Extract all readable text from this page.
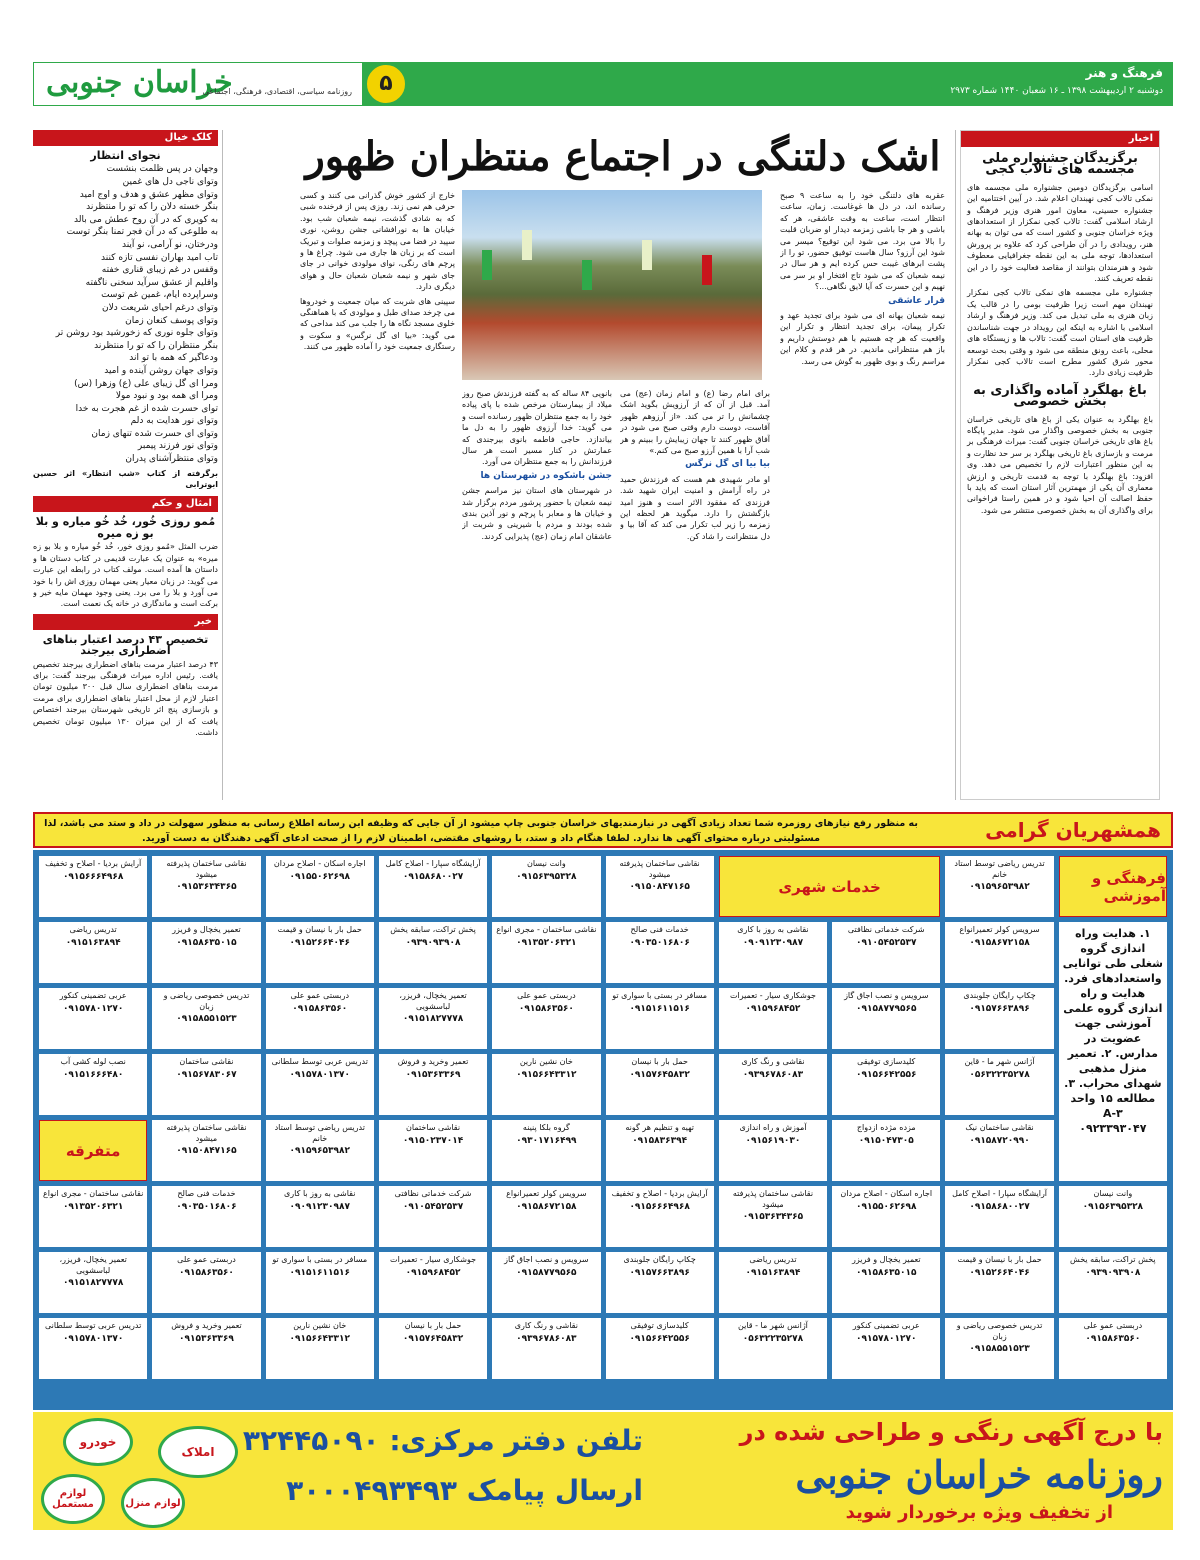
فرهنگ و هنر
دوشنبه ۲ اردیبهشت ۱۳۹۸ ـ ۱۶ شعبان ۱۴۴۰ شماره ۲۹۷۳
خراسان جنوبی
روزنامه سیاسی، اقتصادی، فرهنگی، اجتماعی	۵
اخبار
برگزیدگان جشنواره ملی مجسمه های تالاب کجی

اسامی برگزیدگان دومین جشنواره ملی مجسمه های نمکی تالاب کجی نهبندان اعلام شد. در آیین اختتامیه این جشنواره حسینی، معاون امور هنری وزیر فرهنگ و ارشاد اسلامی گفت: تالاب کجی نمکزار از استعدادهای ویژه خراسان جنوبی و کشور است که می توان به بهانه هنر، رویدادی را در آن طراحی کرد که علاوه بر پرورش استعدادها، توجه ملی به این نقطه جغرافیایی معطوف شود و هنرمندان بتوانند از مقاصد فعالیت خود را در این نقطه تعریف کنند.

جشنواره ملی مجسمه های نمکی تالاب کجی نمکزار نهبندان مهم است زیرا ظرفیت بومی را در قالب یک زبان هنری به ملی تبدیل می کند. وزیر فرهنگ و ارشاد اسلامی با اشاره به اینکه این رویداد در جهت شناساندن ظرفیت های استان است گفت: تالاب ها و زیستگاه های محلی، باعث رونق منطقه می شود و وقتی بحث توسعه محور شرق کشور مطرح است تالاب کجی نمکزار ظرفیت زیادی دارد.

باغ بهلگرد آماده واگذاری به بخش خصوصی

باغ بهلگرد به عنوان یکی از باغ های تاریخی خراسان جنوبی به بخش خصوصی واگذار می شود. مدیر پایگاه باغ های تاریخی خراسان جنوبی گفت: میراث فرهنگی بر مرمت و بازسازی باغ تاریخی بهلگرد بر سر حد نظارت و به این منظور اعتبارات لازم را تخصیص می دهد. وی افزود: باغ بهلگرد با توجه به قدمت تاریخی و ارزش معماری آن یکی از مهمترین آثار استان است که باید با حفظ اصالت آن احیا شود و در همین راستا فراخوانی برای واگذاری آن به بخش خصوصی منتشر می شود.

کلک خیال
نجوای انتظار
وجهان در پس ظلمت بنشست
وتوای ناجی دل های غمین
وتوای مظهر عشق و هدف و اوج امید
بنگر خسته دلان را که تو را منتظرند
به کویری که در آن روح عطش می بالد
به طلوعی که در آن فجر تمنا بنگر توست
ودرختان، نو آرامی، نو آیند
تاب امید بهاران نفسی تازه کنند
وقفس در غم زیبای قناری خفته
واقلیم از عشق سرآید سخنی ناگفته
وسراپرده ایام، غمین غم توست
وتوای درغم احیای شریعت دلان
وتوای پوسف کنعان زمان
وتوای جلوه نوری که زخورشید بود روشن تر
بنگر منتظران را که تو را منتظرند
ودعاگیر که همه با تو اند
وتوای جهان روشن آینده و امید
ومرا ای گل زیبای علی (ع) وزهرا (س)
ومرا ای همه بود و نبود مولا
توای حسرت شده از غم هجرت به خدا
وتوای نور هدایت به دلم
وتوای ای حسرت شده تنهای زمان
وتوای نور فرزند پیمبر
وتوای منتظرآشنای پدران
برگرفته از کتاب «شب انتظار» اثر حسین ابوترابی
امثال و حکم
مُمو روزی خُور، خُد خُو میاره و بلا بو زه میره

ضرب المثل «مُمو روزی خور، خُد خُو میاره و بلا بو زه میره» به عنوان یک عبارت قدیمی در کتاب دستان ها و داستان ها آمده است. مولف کتاب در رابطه این عبارت می گوید: در زبان معیار یعنی مهمان روزی اش را با خود می آورد و بلا را می برد. یعنی وجود مهمان مایه خیر و برکت است و ماندگاری در خانه یک نعمت است.

خبر
تخصیص ۴۳ درصد اعتبار بناهای اضطراری بیرجند

۴۳ درصد اعتبار مرمت بناهای اضطراری بیرجند تخصیص یافت. رئیس اداره میراث فرهنگی بیرجند گفت: برای مرمت بناهای اضطراری سال قبل ۳۰۰ میلیون تومان اعتبار لازم از محل اعتبار بناهای اضطراری برای مرمت و بازسازی پنج اثر تاریخی شهرستان بیرجند اختصاص یافت که از این میزان ۱۳۰ میلیون تومان تخصیص داشت.

اشک دلتنگی در اجتماع منتظران ظهور

عقربه های دلتنگی خود را به ساعت ۹ صبح رسانده اند، در دل ها غوغاست. زمان، ساعت انتظار است، ساعت به وقت عاشقی، هر که باشی و هر جا باشی زمزمه دیدار او ضربان قلبت را بالا می برد. می شود این توقیع؟ میسر می شود این آرزو؟ سال هاست توفیق حضور، تو را از پشت ابرهای غیبت حس کرده ایم و هر سال در نیمه شعبان که می شود تاج افتخار او بر سر می نهیم و این حسرت که آیا لایق نگاهی...؟

قرار عاشقی

نیمه شعبان بهانه ای می شود برای تجدید عهد و تکرار پیمان، برای تجدید انتظار و تکرار این واقعیت که هر چه هستیم با هم دوستش داریم و باز هم منتظرانی ماندیم. در هر قدم و کلام این مراسم رنگ و بوی ظهور به گوش می رسد.

برای امام رضا (ع) و امام زمان (عج) می آمد. قبل از آن که از آرزویش بگوید اشک چشمانش را تر می کند. «از آرزوهم ظهور آقاست، دوست دارم وقتی صبح می شود در آفاق ظهور کنند تا جهان زیبایش را ببینم و هر شب آرا با همین آرزو صبح می کنم.»

بیا بیا ای گل نرگس

او مادر شهیدی هم هست که فرزندش حمید در راه آرامش و امنیت ایران شهید شد. فرزندی که مفقود الاثر است و هنوز امید بازگشتش را دارد. میگوید هر لحظه این زمزمه را زیر لب تکرار می کند که آقا بیا و دل منتظرانت را شاد کن.

بانویی ۸۴ ساله که به گفته فرزندش صبح روز میلاد از بیمارستان مرخص شده با پای پیاده خود را به جمع منتظران ظهور رسانده است و می گوید: خدا آرزوی ظهور را به دل ما بیاندازد. حاجی فاطمه بانوی بیرجندی که عمارتش در کنار مسیر است هر سال فرزندانش را به جمع منتظران می آورد.

جشن باشکوه در شهرستان ها

در شهرستان های استان نیز مراسم جشن نیمه شعبان با حضور پرشور مردم برگزار شد و خیابان ها و معابر با پرچم و نور آذین بندی شده بودند و مردم با شیرینی و شربت از عاشقان امام زمان (عج) پذیرایی کردند.

خارج از کشور خوش گذرانی می کنند و کسی حرفی هم نمی زند. روزی پس از فرخنده شبی که به شادی گذشت، نیمه شعبان شب بود. خیابان ها به نورافشانی جشن روشن، نوری سپید در فضا می پیچد و زمزمه صلوات و تبریک است که بر زبان ها جاری می شود. چراغ ها و پرچم های رنگی، نوای مولودی خوانی در جای جای شهر و نیمه شعبان شعبان حال و هوای دیگری دارد.

سپینی های شربت که میان جمعیت و خودروها می چرخد صدای طبل و مولودی که با هماهنگی خلوی مسجد نگاه ها را جلب می کند مداحی که می گوید: «بیا ای گل نرگس» و سکوت و رستگاری جمعیت خود را آماده ظهور می کنند.

همشهریان گرامی
به منظور رفع نیازهای روزمره شما تعداد زیادی آگهی در نیازمندیهای خراسان جنوبی چاپ میشود از آن جایی که وظیفه این رسانه اطلاع رسانی به منظور سهولت در داد و ستد می باشد، لذا مسئولیتی درباره محتوای آگهی ها ندارد. لطفا هنگام داد و ستد، با روشهای مقتضی، اطمینان لازم را از صحت ادعای آگهی دهندگان به دست آورید.
فرهنگی و آموزشی
۱. هدایت وراه اندازی گروه شغلی طی توانایی واستعدادهای فرد. هدایت و راه اندازی گروه علمی آموزشی جهت عضویت در مدارس. ۲. تعمیر منزل مذهبی شهدای محراب. ۳. مطالعه ۱۵ واحد A-۳
۰۹۲۳۳۹۳۰۴۷
خدمات شهری
متفرقه
تدریس ریاضی توسط استاد خانم
۰۹۱۵۹۶۵۳۹۸۲
نقاشی ساختمان پذیرفته میشود
۰۹۱۵۰۸۴۷۱۶۵
وانت نیسان
۰۹۱۵۶۳۹۵۳۲۸
آرایشگاه سپارا - اصلاح کامل
۰۹۱۵۸۶۸۰۰۲۷
اجاره اسکان - اصلاح مردان
۰۹۱۵۵۰۶۲۶۹۸
نقاشی ساختمان پذیرفته میشود
۰۹۱۵۳۶۳۴۳۶۵
آرایش بردیا - اصلاح و تخفیف
۰۹۱۵۶۶۶۴۹۶۸
سرویس کولر تعمیرانواع
۰۹۱۵۸۶۷۲۱۵۸
شرکت خدماتی نظافتی
۰۹۱۰۵۴۵۲۵۳۷
نقاشی به روز با کاری
۰۹۰۹۱۲۳۰۹۸۷
خدمات فنی صالح
۰۹۰۳۵۰۱۶۸۰۶
نقاشی ساختمان - مجری انواع
۰۹۱۳۵۲۰۶۳۲۱
پخش تراکت، سابقه یخش
۰۹۳۹۰۹۳۹۰۸
حمل بار با نیسان و قیمت
۰۹۱۵۲۶۶۴۰۴۶
تعمیر یخچال و فریزر
۰۹۱۵۸۶۳۵۰۱۵
تدریس ریاضی
۰۹۱۵۱۶۳۸۹۴
چکاپ رایگان جلوبندی
۰۹۱۵۷۶۶۳۸۹۶
سرویس و نصب اجاق گاز
۰۹۱۵۸۷۷۹۵۶۵
جوشکاری سیار - تعمیرات
۰۹۱۵۹۶۸۴۵۲
مسافر در بستی با سواری تو
۰۹۱۵۱۶۱۱۵۱۶
دربستی عمو علی
۰۹۱۵۸۶۳۵۶۰
تعمیر یخچال، فریزر، لباسشویی
۰۹۱۵۱۸۲۷۷۷۸
دربستی عمو علی
۰۹۱۵۸۶۳۵۶۰
تدریس خصوصی ریاضی و زبان
۰۹۱۵۸۵۵۱۵۲۳
عربی تضمینی کنکور
۰۹۱۵۷۸۰۱۲۷۰
آژانس شهر ما - قاین
۰۵۶۳۲۲۳۵۲۷۸
کلیدسازی توفیقی
۰۹۱۵۶۶۴۲۵۵۶
نقاشی و رنگ کاری
۰۹۳۹۶۷۸۶۰۸۳
حمل بار با نیسان
۰۹۱۵۷۶۴۵۸۳۲
خان نشین نارین
۰۹۱۵۶۶۴۳۳۱۲
تعمیر وخرید و فروش
۰۹۱۵۳۶۳۳۶۹
تدریس عربی توسط سلطانی
۰۹۱۵۷۸۰۱۳۷۰
نقاشی ساختمان
۰۹۱۵۶۷۸۳۰۶۷
نصب لوله کشی آب
۰۹۱۵۱۶۶۶۴۸۰
نقاشی ساختمان نیک
۰۹۱۵۸۷۲۰۹۹۰
مزده مژده ازدواج
۰۹۱۵۰۴۷۳۰۵
آموزش و راه اندازی
۰۹۱۵۶۱۹۰۳۰
تهیه و تنظیم هر گونه
۰۹۱۵۸۳۶۳۹۴
گروه بلکا پنینه
۰۹۳۰۱۷۱۶۴۹۹
نقاشی ساختمان
۰۹۱۵۰۲۳۷۰۱۴
تدریس ریاضی توسط استاد خانم
۰۹۱۵۹۶۵۳۹۸۲
نقاشی ساختمان پذیرفته میشود
۰۹۱۵۰۸۴۷۱۶۵
وانت نیسان
۰۹۱۵۶۳۹۵۳۲۸
آرایشگاه سپارا - اصلاح کامل
۰۹۱۵۸۶۸۰۰۲۷
اجاره اسکان - اصلاح مردان
۰۹۱۵۵۰۶۲۶۹۸
نقاشی ساختمان پذیرفته میشود
۰۹۱۵۳۶۳۴۳۶۵
آرایش بردیا - اصلاح و تخفیف
۰۹۱۵۶۶۶۴۹۶۸
سرویس کولر تعمیرانواع
۰۹۱۵۸۶۷۲۱۵۸
شرکت خدماتی نظافتی
۰۹۱۰۵۴۵۲۵۳۷
نقاشی به روز با کاری
۰۹۰۹۱۲۳۰۹۸۷
خدمات فنی صالح
۰۹۰۳۵۰۱۶۸۰۶
نقاشی ساختمان - مجری انواع
۰۹۱۳۵۲۰۶۳۲۱
پخش تراکت، سابقه یخش
۰۹۳۹۰۹۳۹۰۸
حمل بار با نیسان و قیمت
۰۹۱۵۲۶۶۴۰۴۶
تعمیر یخچال و فریزر
۰۹۱۵۸۶۳۵۰۱۵
تدریس ریاضی
۰۹۱۵۱۶۳۸۹۴
چکاپ رایگان جلوبندی
۰۹۱۵۷۶۶۳۸۹۶
سرویس و نصب اجاق گاز
۰۹۱۵۸۷۷۹۵۶۵
جوشکاری سیار - تعمیرات
۰۹۱۵۹۶۸۴۵۲
مسافر در بستی با سواری تو
۰۹۱۵۱۶۱۱۵۱۶
دربستی عمو علی
۰۹۱۵۸۶۳۵۶۰
تعمیر یخچال، فریزر، لباسشویی
۰۹۱۵۱۸۲۷۷۷۸
دربستی عمو علی
۰۹۱۵۸۶۳۵۶۰
تدریس خصوصی ریاضی و زبان
۰۹۱۵۸۵۵۱۵۲۳
عربی تضمینی کنکور
۰۹۱۵۷۸۰۱۲۷۰
آژانس شهر ما - قاین
۰۵۶۳۲۲۳۵۲۷۸
کلیدسازی توفیقی
۰۹۱۵۶۶۴۲۵۵۶
نقاشی و رنگ کاری
۰۹۳۹۶۷۸۶۰۸۳
حمل بار با نیسان
۰۹۱۵۷۶۴۵۸۳۲
خان نشین نارین
۰۹۱۵۶۶۴۳۳۱۲
تعمیر وخرید و فروش
۰۹۱۵۳۶۳۳۶۹
تدریس عربی توسط سلطانی
۰۹۱۵۷۸۰۱۳۷۰
با درج آگهی رنگی و طراحی شده در
روزنامه خراسان جنوبی
از تخفیف ویژه برخوردار شوید
تلفن دفتر مرکزی: ۳۲۴۴۵۰۹۰
ارسال پیامک ۳۰۰۰۴۹۳۴۹۳
خودرو
املاک
لوازم مستعمل	لوازم منزل
